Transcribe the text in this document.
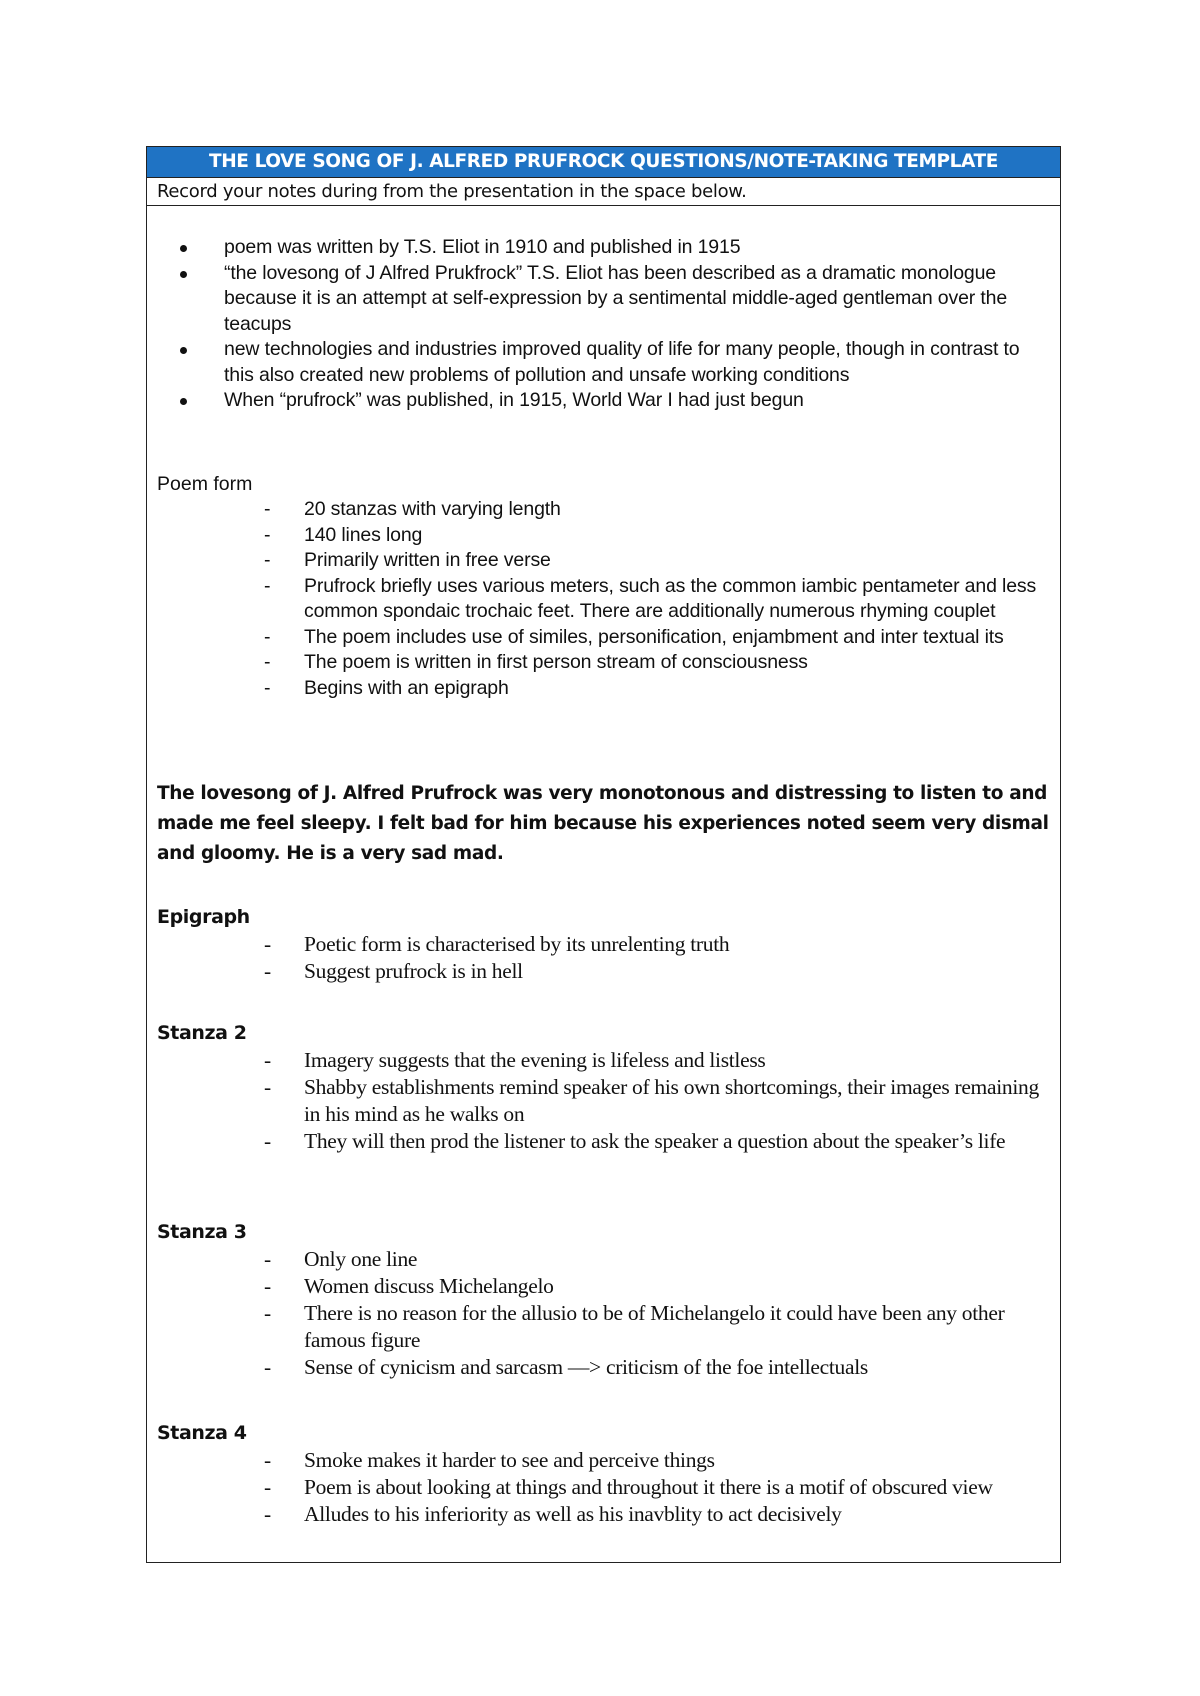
THE LOVE SONG OF J. ALFRED PRUFROCK QUESTIONS/NOTE-TAKING TEMPLATE
Record your notes during from the presentation in the space below.
poem was written by T.S. Eliot in 1910 and published in 1915
“the lovesong of J Alfred Prukfrock” T.S. Eliot has been described as a dramatic monologue because it is an attempt at self-expression by a sentimental middle-aged gentleman over the teacups
new technologies and industries improved quality of life for many people, though in contrast to this also created new problems of pollution and unsafe working conditions
When “prufrock” was published, in 1915, World War I had just begun
Poem form
- 20 stanzas with varying length
- 140 lines long
- Primarily written in free verse
- Prufrock briefly uses various meters, such as the common iambic pentameter and less common spondaic trochaic feet. There are additionally numerous rhyming couplet
- The poem includes use of similes, personification, enjambment and inter textual its
- The poem is written in first person stream of consciousness
- Begins with an epigraph
The lovesong of J. Alfred Prufrock was very monotonous and distressing to listen to and made me feel sleepy. I felt bad for him because his experiences noted seem very dismal and gloomy. He is a very sad mad.
Epigraph
- Poetic form is characterised by its unrelenting truth
- Suggest prufrock is in hell
Stanza 2
- Imagery suggests that the evening is lifeless and listless
- Shabby establishments remind speaker of his own shortcomings, their images remaining in his mind as he walks on
- They will then prod the listener to ask the speaker a question about the speaker’s life
Stanza 3
- Only one line
- Women discuss Michelangelo
- There is no reason for the allusio to be of Michelangelo it could have been any other famous figure
- Sense of cynicism and sarcasm —> criticism of the foe intellectuals
Stanza 4
- Smoke makes it harder to see and perceive things
- Poem is about looking at things and throughout it there is a motif of obscured view
- Alludes to his inferiority as well as his inavblity to act decisively
